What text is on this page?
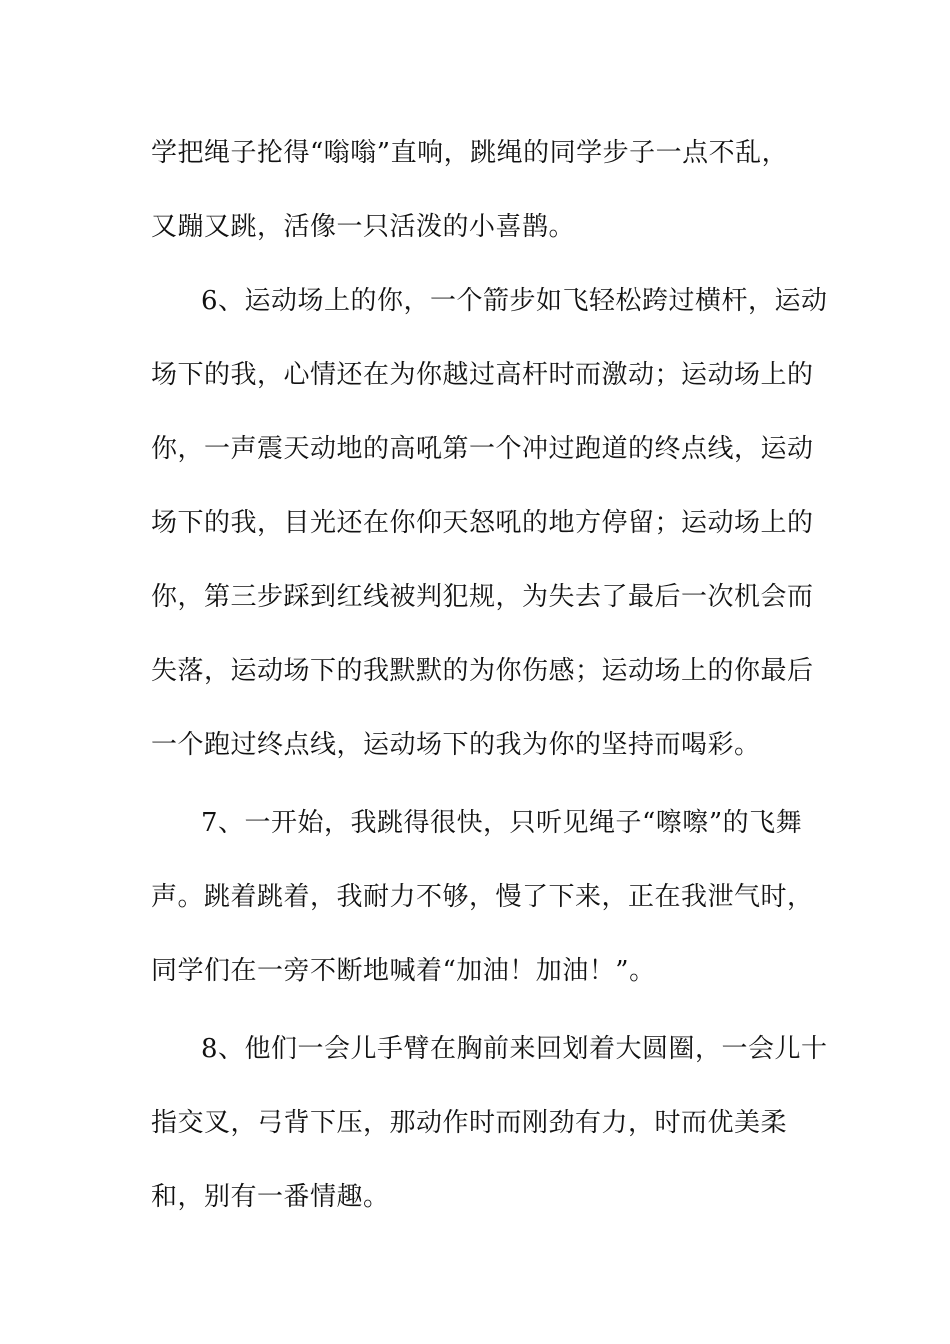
学把绳子抡得“嗡嗡”直响，跳绳的同学步子一点不乱，

又蹦又跳，活像一只活泼的小喜鹊。

6、运动场上的你，一个箭步如飞轻松跨过横杆，运动

场下的我，心情还在为你越过高杆时而激动；运动场上的

你，一声震天动地的高吼第一个冲过跑道的终点线，运动

场下的我，目光还在你仰天怒吼的地方停留；运动场上的

你，第三步踩到红线被判犯规，为失去了最后一次机会而

失落，运动场下的我默默的为你伤感；运动场上的你最后

一个跑过终点线，运动场下的我为你的坚持而喝彩。

7、一开始，我跳得很快，只听见绳子“嚓嚓”的飞舞

声。跳着跳着，我耐力不够，慢了下来，正在我泄气时，

同学们在一旁不断地喊着“加油！加油！”。

8、他们一会儿手臂在胸前来回划着大圆圈，一会儿十

指交叉，弓背下压，那动作时而刚劲有力，时而优美柔

和，别有一番情趣。
